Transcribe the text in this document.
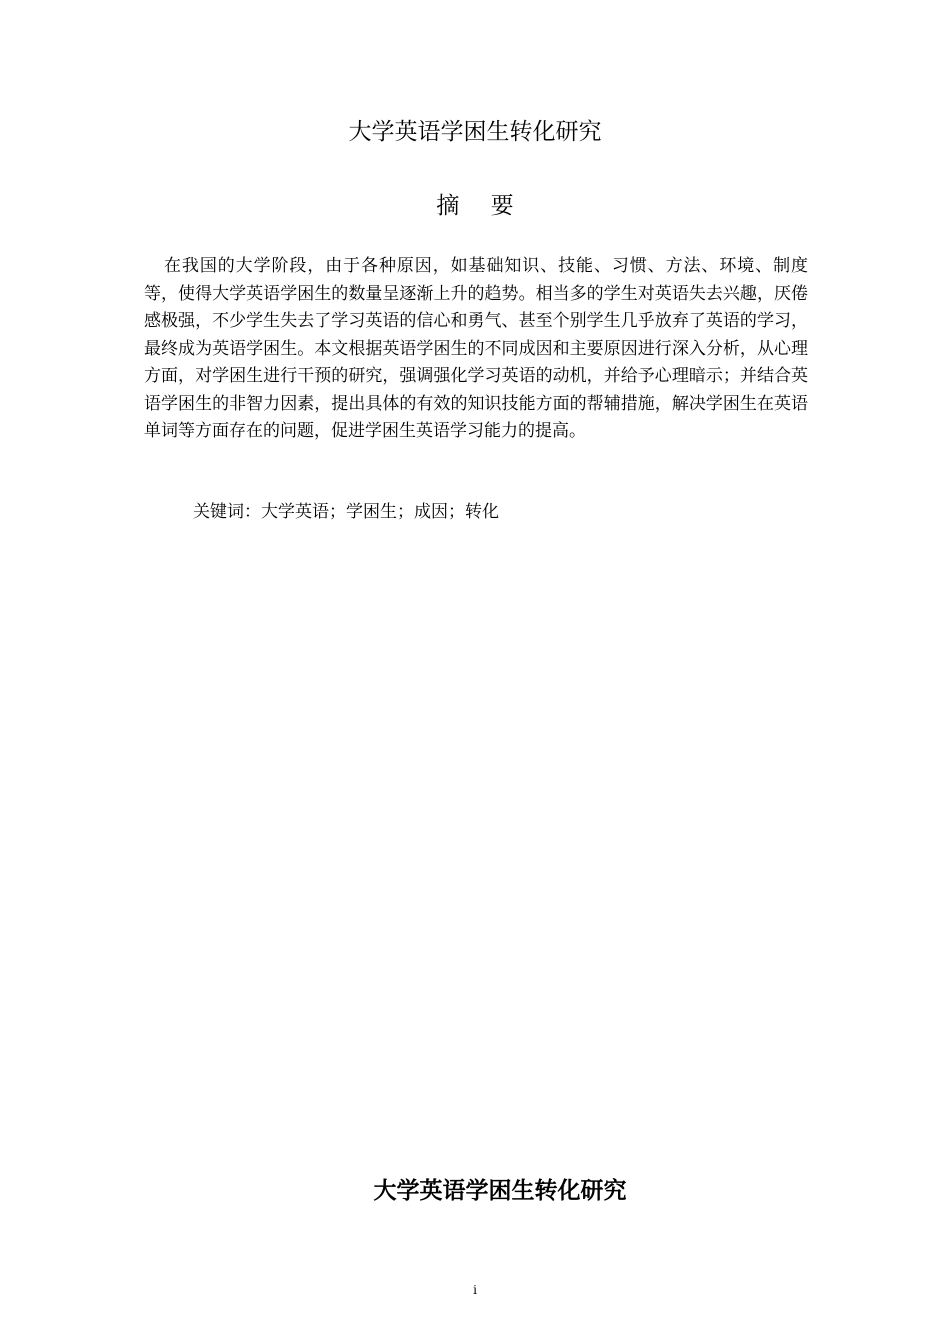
大学英语学困生转化研究
摘 要

在我国的大学阶段，由于各种原因，如基础知识、技能、习惯、方法、环境、制度等，使得大学英语学困生的数量呈逐渐上升的趋势。相当多的学生对英语失去兴趣，厌倦感极强，不少学生失去了学习英语的信心和勇气、甚至个别学生几乎放弃了英语的学习，最终成为英语学困生。本文根据英语学困生的不同成因和主要原因进行深入分析，从心理方面，对学困生进行干预的研究，强调强化学习英语的动机，并给予心理暗示；并结合英语学困生的非智力因素，提出具体的有效的知识技能方面的帮辅措施，解决学困生在英语单词等方面存在的问题，促进学困生英语学习能力的提高。

关键词：大学英语；学困生；成因；转化
大学英语学困生转化研究
i
